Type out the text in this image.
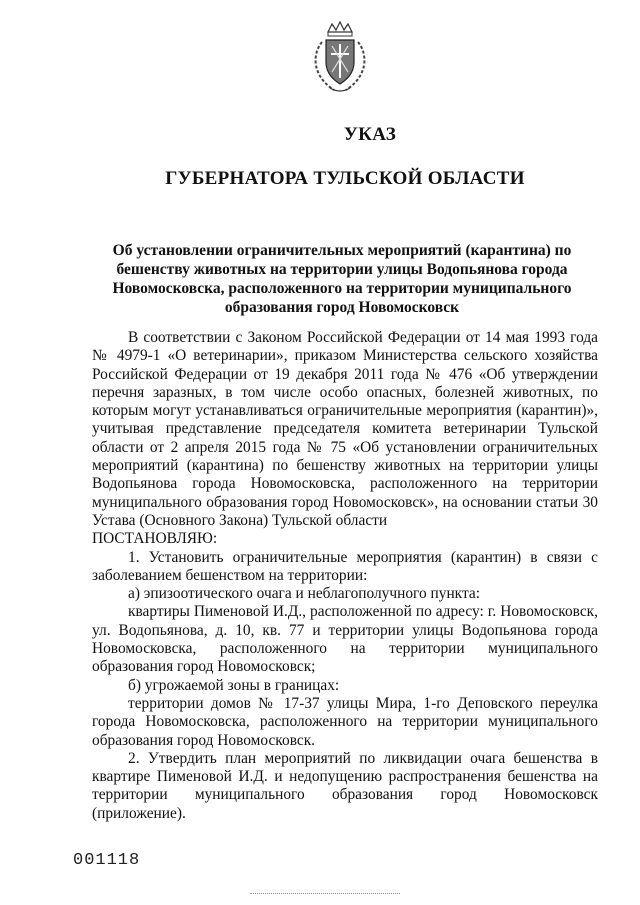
УКАЗ
ГУБЕРНАТОРА ТУЛЬСКОЙ ОБЛАСТИ
Об установлении ограничительных мероприятий (карантина) по бешенству животных на территории улицы Водопьянова города Новомосковска, расположенного на территории муниципального образования город Новомосковск

В соответствии с Законом Российской Федерации от 14 мая 1993 года № 4979-1 «О ветеринарии», приказом Министерства сельского хозяйства Российской Федерации от 19 декабря 2011 года № 476 «Об утверждении перечня заразных, в том числе особо опасных, болезней животных, по которым могут устанавливаться ограничительные мероприятия (карантин)», учитывая представление председателя комитета ветеринарии Тульской области от 2 апреля 2015 года № 75 «Об установлении ограничительных мероприятий (карантина) по бешенству животных на территории улицы Водопьянова города Новомосковска, расположенного на территории муниципального образования город Новомосковск», на основании статьи 30 Устава (Основного Закона) Тульской области

ПОСТАНОВЛЯЮ:

1. Установить ограничительные мероприятия (карантин) в связи с заболеванием бешенством на территории:

а) эпизоотического очага и неблагополучного пункта:

квартиры Пименовой И.Д., расположенной по адресу: г. Новомосковск, ул. Водопьянова, д. 10, кв. 77 и территории улицы Водопьянова города Новомосковска, расположенного на территории муниципального образования город Новомосковск;

б) угрожаемой зоны в границах:

территории домов № 17-37 улицы Мира, 1-го Деповского переулка города Новомосковска, расположенного на территории муниципального образования город Новомосковск.

2. Утвердить план мероприятий по ликвидации очага бешенства в квартире Пименовой И.Д. и недопущению распространения бешенства на территории муниципального образования город Новомосковск (приложение).

001118
